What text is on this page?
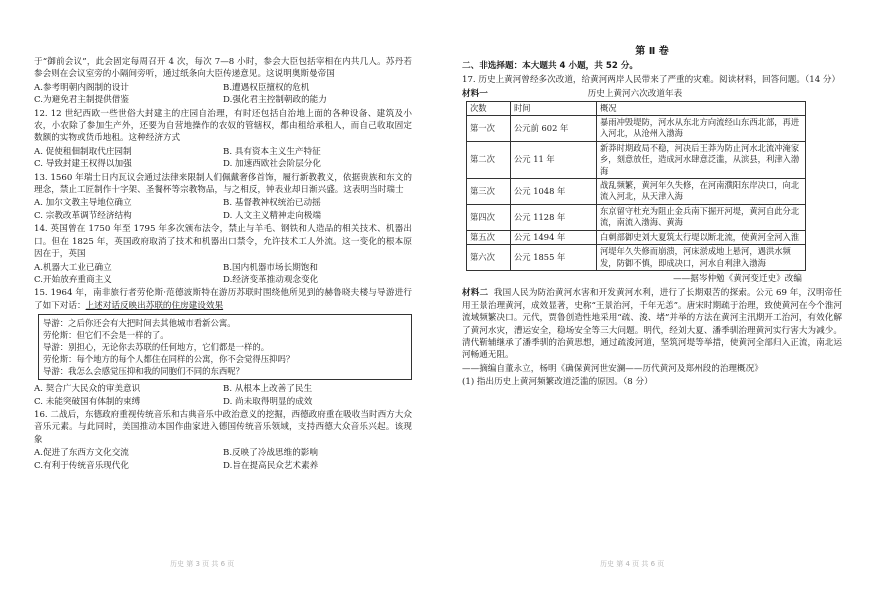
于“御前会议”，此会固定每周召开 4 次，每次 7—8 小时，参会大臣包括宰相在内共几人。苏丹若参会则在会议室旁的小隔间旁听，通过纸条向大臣传递意见。这说明奥斯曼帝国

A.参考明朝内阁制的设计	B.遭遇权臣擅权的危机
C.为避免君主制提供借鉴	D.强化君主控制朝政的能力

12. 12 世纪西欧一些世俗大封建主的庄园自治理，有时还包括自治地上面的各种设备、建筑及小农，小农除了参加生产外，还要为自营地操作的农奴的管辖权，都由租给承租人，而自己收取固定数额的实物或货币地租。这种经济方式

A. 促使租佃制取代庄园制	B. 具有资本主义生产特征
C. 导致封建王权得以加强	D. 加速西欧社会阶层分化

13. 1560 年瑞士日内瓦议会通过法律来限制人们佩戴奢侈首饰，履行新教教义，依据贵族和东文的理念，禁止工匠制作十字架、圣餐杯等宗教物品，与之相反，钟表业却日渐兴盛。这表明当时瑞士

A. 加尔文教主导地位确立	B. 基督教神权统治已动摇
C. 宗教改革调节经济结构	D. 人文主义精神走向极端

14. 英国曾在 1750 年至 1795 年多次颁布法令，禁止与羊毛、钢铁和人造品的相关技术、机器出口。但在 1825 年，英国政府取消了技术和机器出口禁令，允许技术工人外流。这一变化的根本原因在于，英国

A.机器大工业已确立	B.国内机器市场长期饱和
C.开始放弃重商主义	D.经济变革推动观念变化

15. 1964 年，南非旅行者劳伦斯·范德波斯特在游历苏联时围绕他所见到的赫鲁晓夫楼与导游进行了如下对话：上述对话反映出苏联的住房建设效果

导游：之后你还会有大把时间去其他城市看新公寓。
劳伦斯：但它们不会是一样的了。
导游：别担心，无论你去苏联的任何地方，它们都是一样的。
劳伦斯：每个地方的每个人都住在同样的公寓，你不会觉得压抑吗？
导游：我怎么会感觉压抑和我的同胞们不同的东西呢？
A. 契合广大民众的审美意识	B. 从根本上改善了民生
C. 未能突破国有体制的束缚	D. 尚未取得明显的成效

16. 二战后，东德政府重视传统音乐和古典音乐中政治意义的挖掘，西德政府重在吸收当时西方大众音乐元素。与此同时，美国推动本国作曲家进入德国传统音乐领域，支持西德大众音乐兴起。该现象

A.促进了东西方文化交流	B.反映了冷战思维的影响
C.有利于传统音乐现代化	D.旨在提高民众艺术素养
第 Ⅱ 卷
二、非选择题：本大题共 4 小题，共 52 分。

17. 历史上黄河曾经多次改道，给黄河两岸人民带来了严重的灾难。阅读材料，回答问题。（14 分）

材料一	历史上黄河六次改道年表
次数	时间	概况
第一次	公元前 602 年	暴雨冲毁堤防，河水从东北方向流经山东西北部，再进入河北，从沧州入渤海
第二次	公元 11 年	新莽时期政局不稳，河决后王莽为防止河水北流冲淹家乡，刻意放任，造成河水肆意泛滥，从滨县，利津入渤海
第三次	公元 1048 年	战乱频繁，黄河年久失修，在河南濮阳东岸决口，向北流入河北，从天津入海
第四次	公元 1128 年	东京留守杜充为阻止金兵南下掘开河堤，黄河自此分北流，南流入渤海、黄海
第五次	公元 1494 年	白刺部御史刘大夏筑太行堤以断北流，使黄河全河入淮
第六次	公元 1855 年	河堤年久失修而崩溃，河床淤成地上悬河，遇洪水频发，防御不慎，即成决口，河水自利津入渤海
——据岑仲勉《黄河变迁史》改编

材料二 我国人民为防治黄河水害和开发黄河水利，进行了长期艰苦的探索。公元 69 年，汉明帝任用王景治理黄河，成效显著，史称“王景治河，千年无恙”。唐宋时期疏于治理，致使黄河在今个淮河流域频繁决口。元代，贾鲁创造性地采用“疏、浚、堵”并举的方法在黄河主汛期开工治河，有效化解了黄河水灾，漕运安全，稳场安全等三大问题。明代，经刘大夏、潘季驯治理黄河实行害大为减少。清代靳辅继承了潘季驯的治黄思想，通过疏浚河道，坚筑河堤等举措，使黄河全部归入正流，南北运河畅通无阻。

——摘编自董永立，杨明《确保黄河世安澜——历代黄河及郑州段的治理概况》

(1) 指出历史上黄河频繁改道泛滥的原因。（8 分）

历史 第 3 页 共 6 页	历史 第 4 页 共 6 页
